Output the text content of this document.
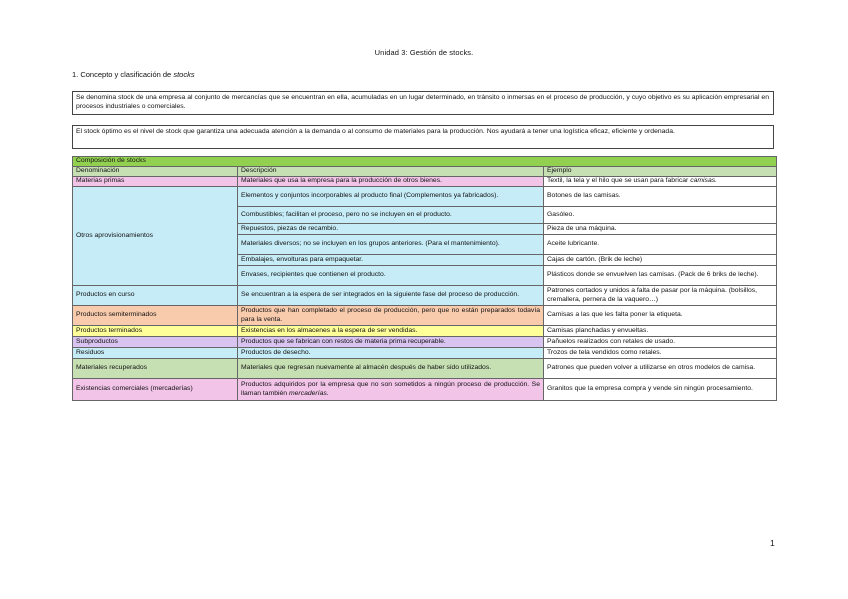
Unidad 3: Gestión de stocks.
1. Concepto y clasificación de stocks
Se denomina stock de una empresa al conjunto de mercancías que se encuentran en ella, acumuladas en un lugar determinado, en tránsito o inmersas en el proceso de producción, y cuyo objetivo es su aplicación empresarial en procesos industriales o comerciales.
El stock óptimo es el nivel de stock que garantiza una adecuada atención a la demanda o al consumo de materiales para la producción. Nos ayudará a tener una logística eficaz, eficiente y ordenada.
Composición de stocks		
Denominación	Descripción	Ejemplo
Materias primas	Materiales que usa la empresa para la producción de otros bienes.	Textil, la tela y el hilo que se usan para fabricar camisas.
Otros aprovisionamientos	Elementos y conjuntos incorporables al producto final (Complementos ya fabricados).	Botones de las camisas.
	Combustibles; facilitan el proceso, pero no se incluyen en el producto.	Gasóleo.
	Repuestos, piezas de recambio.	Pieza de una máquina.
	Materiales diversos; no se incluyen en los grupos anteriores. (Para el mantenimiento).	Aceite lubricante.
	Embalajes, envolturas para empaquetar.	Cajas de cartón. (Brik de leche)
	Envases, recipientes que contienen el producto.	Plásticos donde se envuelven las camisas. (Pack de 6 briks de leche).
Productos en curso	Se encuentran a la espera de ser integrados en la siguiente fase del proceso de producción.	Patrones cortados y unidos a falta de pasar por la máquina. (bolsillos, cremallera, pernera de la vaquero…)
Productos semiterminados	Productos que han completado el proceso de producción, pero que no están preparados todavía para la venta.	Camisas a las que les falta poner la etiqueta.
Productos terminados	Existencias en los almacenes a la espera de ser vendidas.	Camisas planchadas y envueltas.
Subproductos	Productos que se fabrican con restos de materia prima recuperable.	Pañuelos realizados con retales de usado.
Residuos	Productos de desecho.	Trozos de tela vendidos como retales.
Materiales recuperados	Materiales que regresan nuevamente al almacén después de haber sido utilizados.	Patrones que pueden volver a utilizarse en otros modelos de camisa.
Existencias comerciales (mercaderías)	Productos adquiridos por la empresa que no son sometidos a ningún proceso de producción. Se llaman también mercaderías.	Granitos que la empresa compra y vende sin ningún procesamiento.
1
